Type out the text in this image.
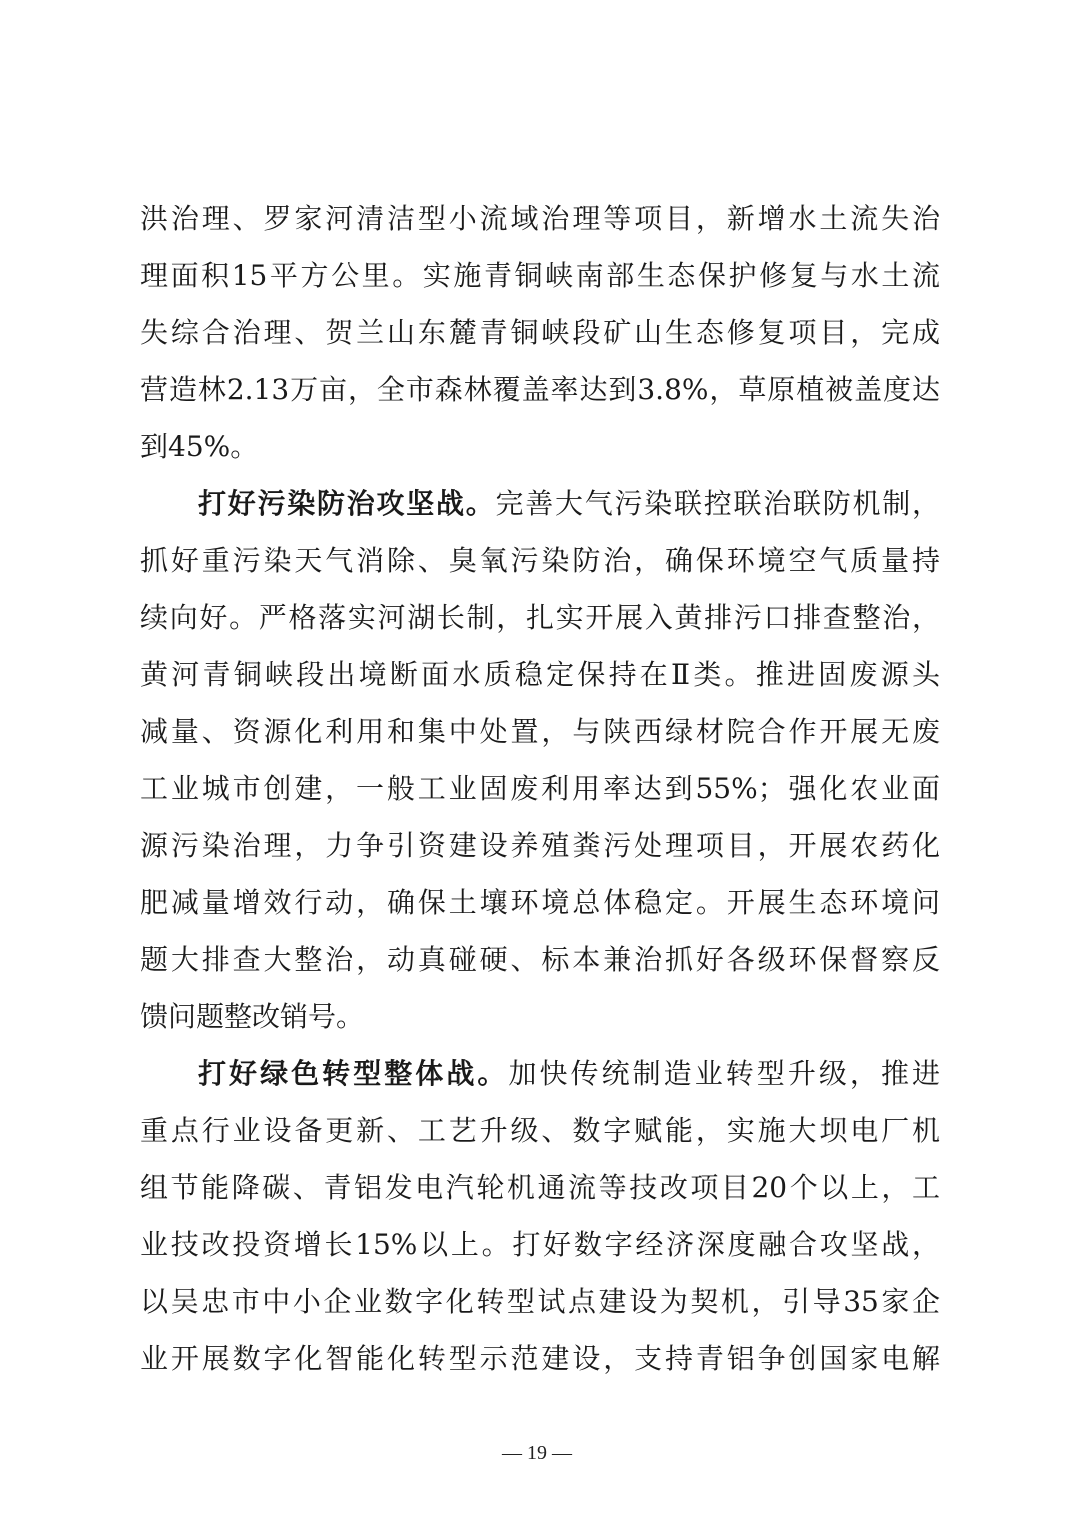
洪治理、罗家河清洁型小流域治理等项目，新增水土流失治
理面积15平方公里。实施青铜峡南部生态保护修复与水土流
失综合治理、贺兰山东麓青铜峡段矿山生态修复项目，完成
营造林2.13万亩，全市森林覆盖率达到3.8%，草原植被盖度达
到45%。
打好污染防治攻坚战。完善大气污染联控联治联防机制，
抓好重污染天气消除、臭氧污染防治，确保环境空气质量持
续向好。严格落实河湖长制，扎实开展入黄排污口排查整治，
黄河青铜峡段出境断面水质稳定保持在Ⅱ类。推进固废源头
减量、资源化利用和集中处置，与陕西绿材院合作开展无废
工业城市创建，一般工业固废利用率达到55%；强化农业面
源污染治理，力争引资建设养殖粪污处理项目，开展农药化
肥减量增效行动，确保土壤环境总体稳定。开展生态环境问
题大排查大整治，动真碰硬、标本兼治抓好各级环保督察反
馈问题整改销号。
打好绿色转型整体战。加快传统制造业转型升级，推进
重点行业设备更新、工艺升级、数字赋能，实施大坝电厂机
组节能降碳、青铝发电汽轮机通流等技改项目20个以上，工
业技改投资增长15%以上。打好数字经济深度融合攻坚战，
以吴忠市中小企业数字化转型试点建设为契机，引导35家企
业开展数字化智能化转型示范建设，支持青铝争创国家电解
— 19 —
